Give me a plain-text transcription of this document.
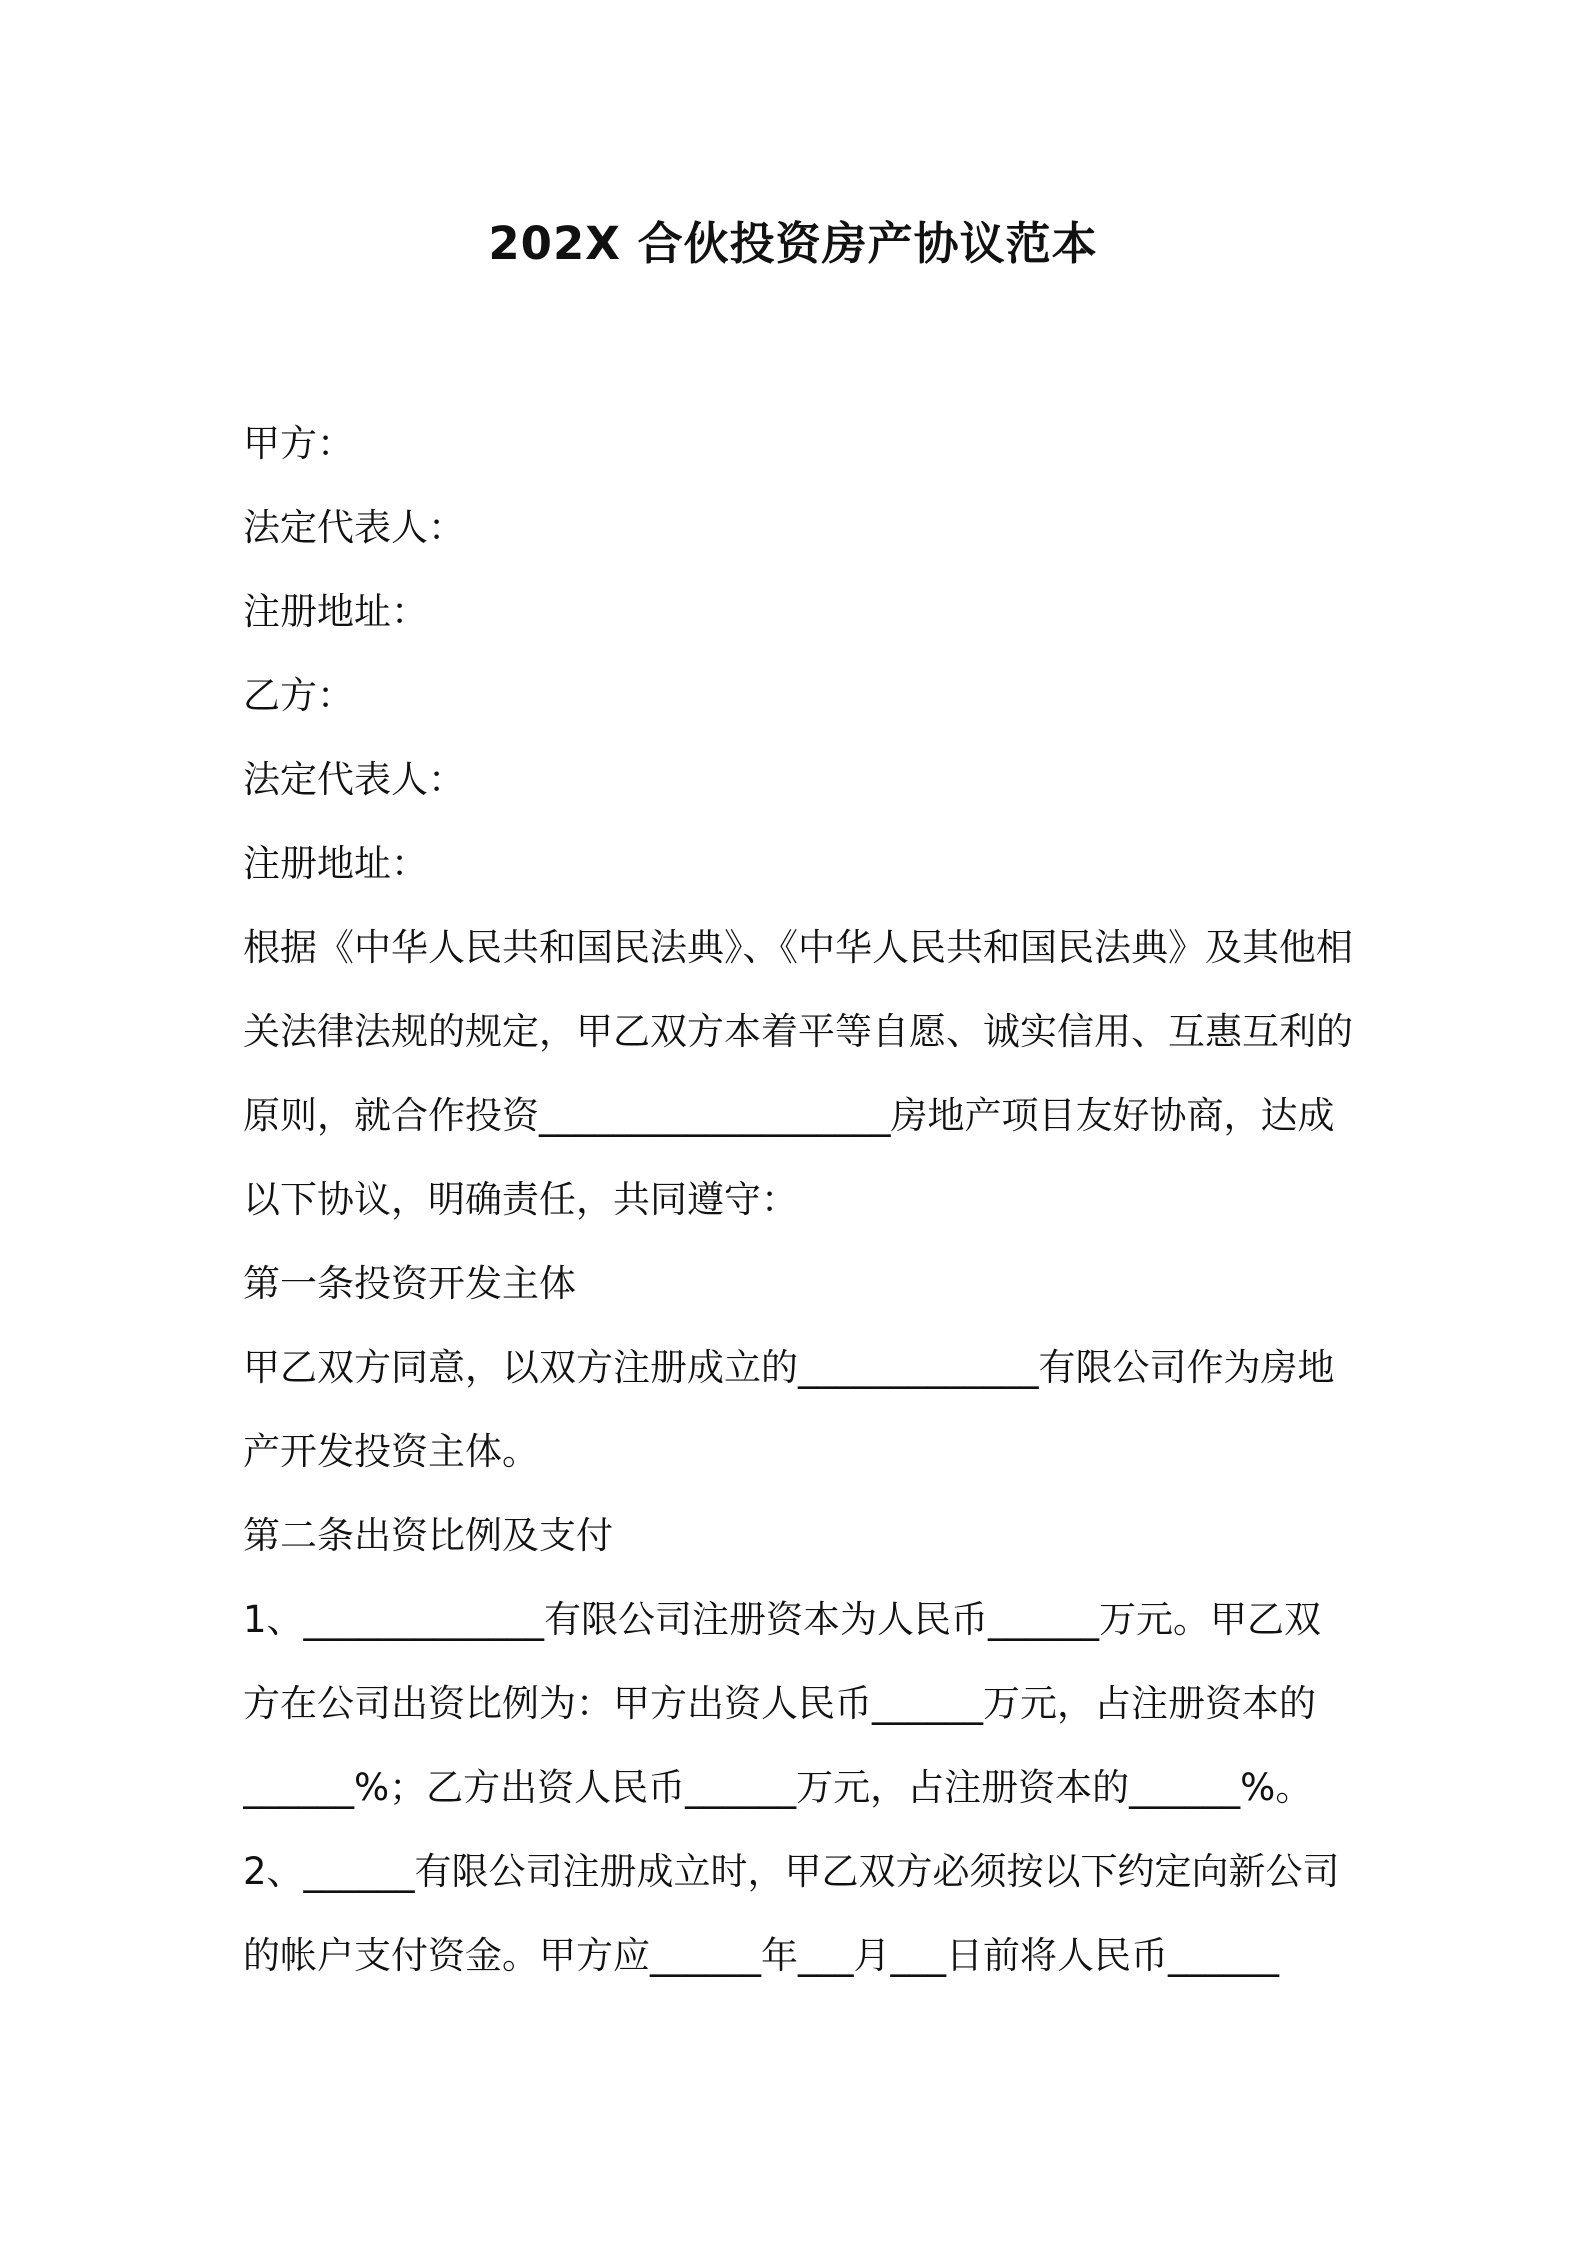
202X 合伙投资房产协议范本
甲方：
法定代表人：
注册地址：
乙方：
法定代表人：
注册地址：
根据《中华人民共和国民法典》、《中华人民共和国民法典》及其他相
关法律法规的规定，甲乙双方本着平等自愿、诚实信用、互惠互利的
原则，就合作投资___________________房地产项目友好协商，达成
以下协议，明确责任，共同遵守：
第一条投资开发主体
甲乙双方同意，以双方注册成立的_____________有限公司作为房地
产开发投资主体。
第二条出资比例及支付
1、_____________有限公司注册资本为人民币______万元。甲乙双
方在公司出资比例为：甲方出资人民币______万元，占注册资本的
______%；乙方出资人民币______万元，占注册资本的______%。
2、______有限公司注册成立时，甲乙双方必须按以下约定向新公司
的帐户支付资金。甲方应______年___月___日前将人民币______
